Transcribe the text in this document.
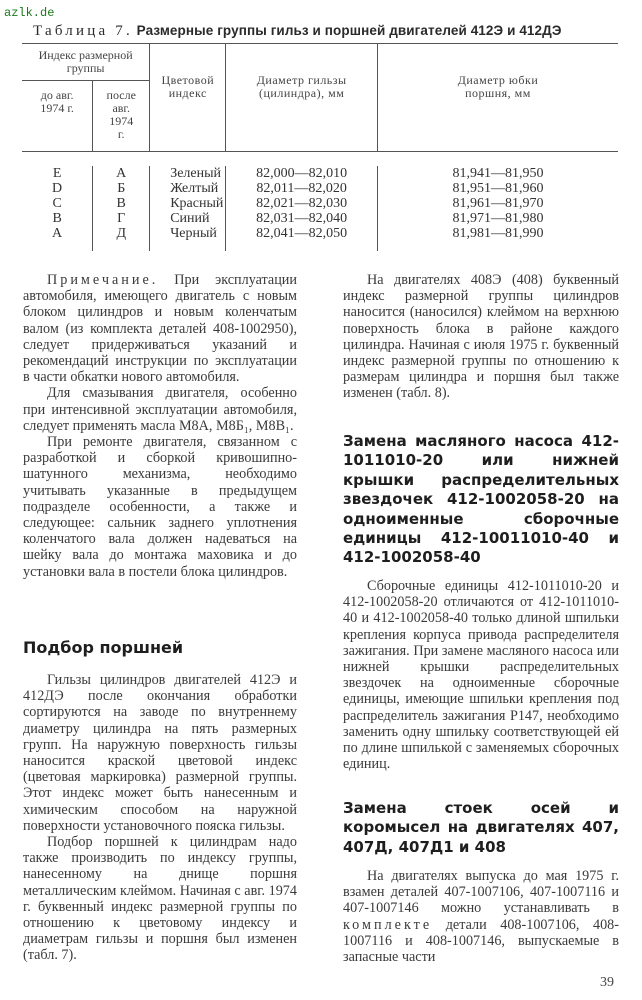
azlk.de
Таблица 7. Размерные группы гильз и поршней двигателей 412Э и 412ДЭ
Индекс размерной группы		Цветовой индекс	Диаметр гильзы (цилиндра), мм	Диаметр юбки поршня, мм
до авг. 1974 г.	после авг. 1974 г.			

E	А	Зеленый	82,000—82,010	81,941—81,950
D	Б	Желтый	82,011—82,020	81,951—81,960
C	В	Красный	82,021—82,030	81,961—81,970
B	Г	Синий	82,031—82,040	81,971—81,980
A	Д	Черный	82,041—82,050	81,981—81,990

Примечание. При эксплуатации автомобиля, имеющего двигатель с новым блоком цилиндров и новым коленчатым валом (из комплекта деталей 408-1002950), следует придерживаться указаний и рекомендаций инструкции по эксплуатации в части обкатки нового автомобиля.

Для смазывания двигателя, особенно при интенсивной эксплуатации автомобиля, следует применять масла М8А, М8Б₁, М8В₁.

При ремонте двигателя, связанном с разработкой и сборкой кривошипно-шатунного механизма, необходимо учитывать указанные в предыдущем подразделе особенности, а также и следующее: сальник заднего уплотнения коленчатого вала должен надеваться на шейку вала до монтажа маховика и до установки вала в постели блока цилиндров.

Подбор поршней

Гильзы цилиндров двигателей 412Э и 412ДЭ после окончания обработки сортируются на заводе по внутреннему диаметру цилиндра на пять размерных групп. На наружную поверхность гильзы наносится краской цветовой индекс (цветовая маркировка) размерной группы. Этот индекс может быть нанесенным и химическим способом на наружной поверхности установочного пояска гильзы.

Подбор поршней к цилиндрам надо также производить по индексу группы, нанесенному на днище поршня металлическим клеймом. Начиная с авг. 1974 г. буквенный индекс размерной группы по отношению к цветовому индексу и диаметрам гильзы и поршня был изменен (табл. 7).

На двигателях 408Э (408) буквенный индекс размерной группы цилиндров наносится (наносился) клеймом на верхнюю поверхность блока в районе каждого цилиндра. Начиная с июля 1975 г. буквенный индекс размерной группы по отношению к размерам цилиндра и поршня был также изменен (табл. 8).

Замена масляного насоса 412-1011010-20 или нижней крышки распределительных звездочек 412-1002058-20 на одноименные сборочные единицы 412-10011010-40 и 412-1002058-40

Сборочные единицы 412-1011010-20 и 412-1002058-20 отличаются от 412-1011010-40 и 412-1002058-40 только длиной шпильки крепления корпуса привода распределителя зажигания. При замене масляного насоса или нижней крышки распределительных звездочек на одноименные сборочные единицы, имеющие шпильки крепления под распределитель зажигания Р147, необходимо заменить одну шпильку соответствующей ей по длине шпилькой с заменяемых сборочных единиц.

Замена стоек осей и коромысел на двигателях 407, 407Д, 407Д1 и 408

На двигателях выпуска до мая 1975 г. взамен деталей 407-1007106, 407-1007116 и 407-1007146 можно устанавливать в комплекте детали 408-1007106, 408-1007116 и 408-1007146, выпускаемые в запасные части

39
